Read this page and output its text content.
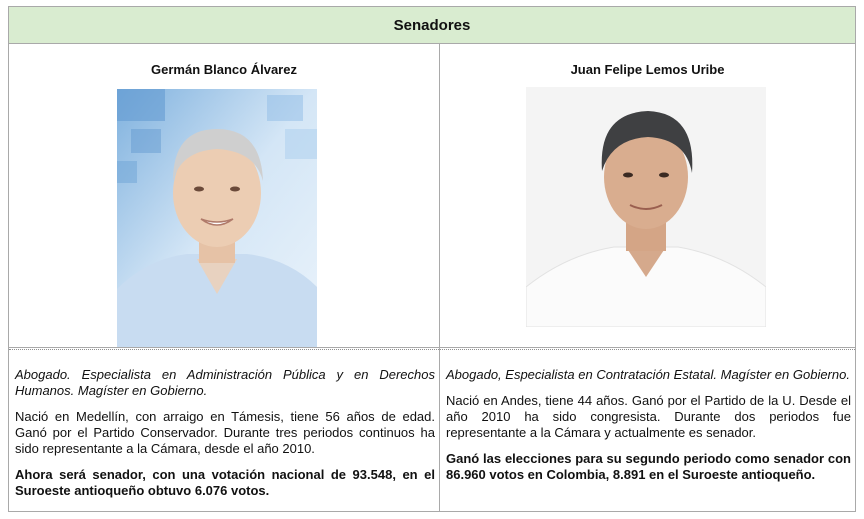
Senadores
Germán Blanco Álvarez

Abogado. Especialista en Administración Pública y en Derechos Humanos. Magíster en Gobierno.

Nació en Medellín, con arraigo en Támesis, tiene 56 años de edad. Ganó por el Partido Conservador. Durante tres periodos continuos ha sido representante a la Cámara, desde el año 2010.

Ahora será senador, con una votación nacional de 93.548, en el Suroeste antioqueño obtuvo 6.076 votos.

Juan Felipe Lemos Uribe

Abogado, Especialista en Contratación Estatal. Magíster en Gobierno.

Nació en Andes, tiene 44 años. Ganó por el Partido de la U. Desde el año 2010 ha sido congresista. Durante dos periodos fue representante a la Cámara y actualmente es senador.

Ganó las elecciones para su segundo periodo como senador con 86.960 votos en Colombia, 8.891 en el Suroeste antioqueño.
